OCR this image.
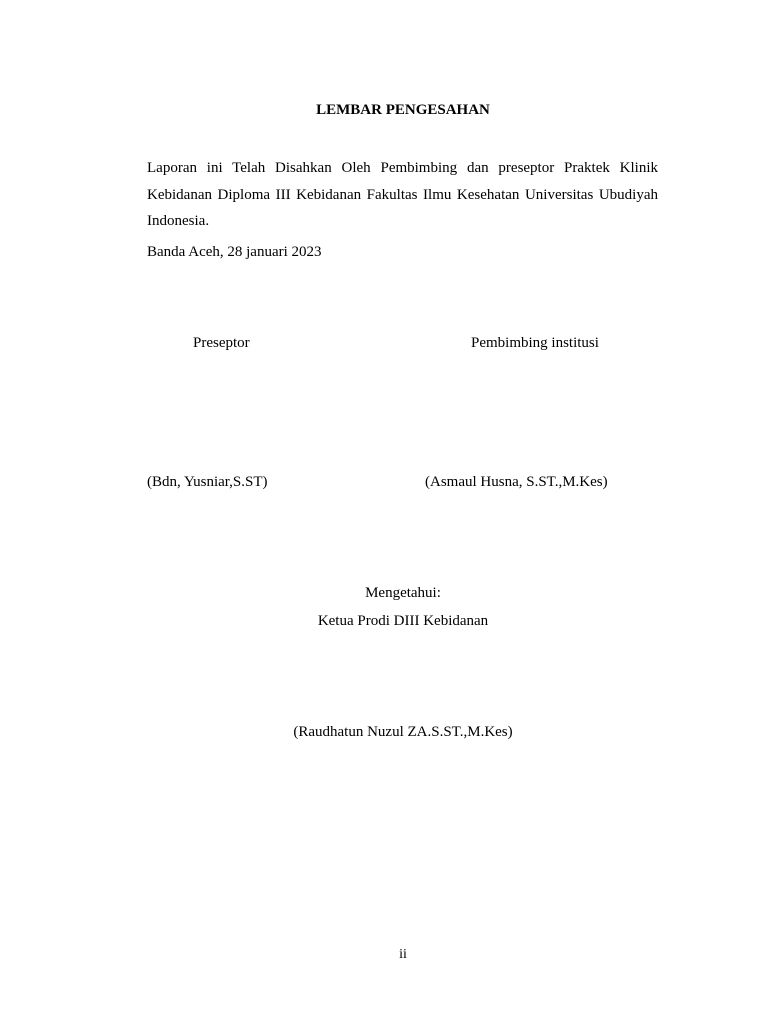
LEMBAR PENGESAHAN
Laporan ini Telah Disahkan Oleh Pembimbing dan preseptor Praktek Klinik Kebidanan Diploma III Kebidanan Fakultas Ilmu Kesehatan Universitas Ubudiyah Indonesia.
Banda Aceh, 28 januari 2023
Preseptor	Pembimbing institusi
(Bdn, Yusniar,S.ST)	(Asmaul Husna, S.ST.,M.Kes)
Mengetahui:
Ketua Prodi DIII Kebidanan
(Raudhatun Nuzul ZA.S.ST.,M.Kes)
ii
